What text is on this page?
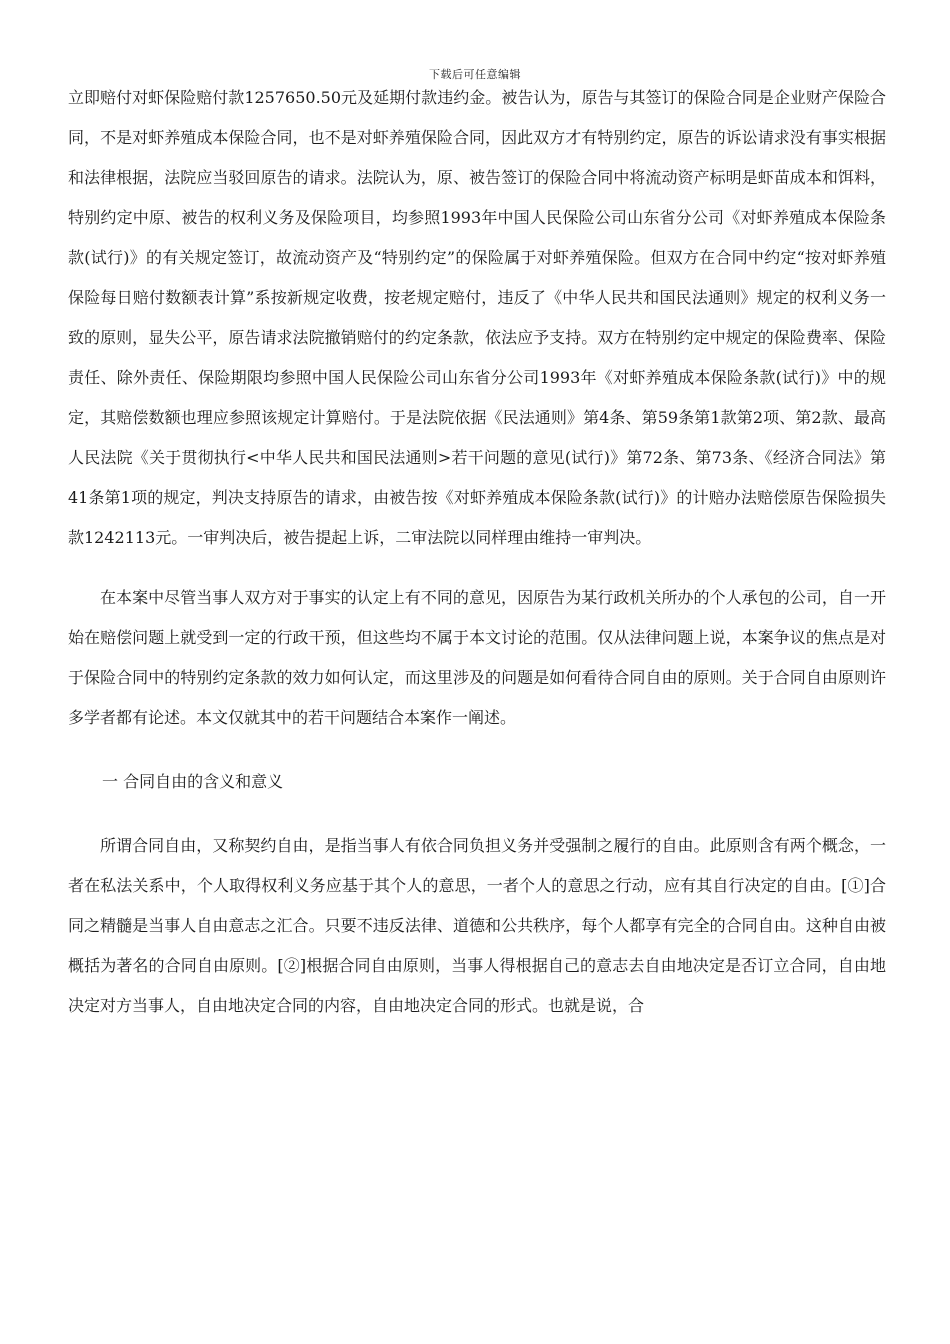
下载后可任意编辑

立即赔付对虾保险赔付款1257650.50元及延期付款违约金。被告认为，原告与其签订的保险合同是企业财产保险合同，不是对虾养殖成本保险合同，也不是对虾养殖保险合同，因此双方才有特别约定，原告的诉讼请求没有事实根据和法律根据，法院应当驳回原告的请求。法院认为，原、被告签订的保险合同中将流动资产标明是虾苗成本和饵料，特别约定中原、被告的权利义务及保险项目，均参照1993年中国人民保险公司山东省分公司《对虾养殖成本保险条款(试行)》的有关规定签订，故流动资产及“特别约定”的保险属于对虾养殖保险。但双方在合同中约定“按对虾养殖保险每日赔付数额表计算”系按新规定收费，按老规定赔付，违反了《中华人民共和国民法通则》规定的权利义务一致的原则，显失公平，原告请求法院撤销赔付的约定条款，依法应予支持。双方在特别约定中规定的保险费率、保险责任、除外责任、保险期限均参照中国人民保险公司山东省分公司1993年《对虾养殖成本保险条款(试行)》中的规定，其赔偿数额也理应参照该规定计算赔付。于是法院依据《民法通则》第4条、第59条第1款第2项、第2款、最高人民法院《关于贯彻执行<中华人民共和国民法通则>若干问题的意见(试行)》第72条、第73条、《经济合同法》第41条第1项的规定，判决支持原告的请求，由被告按《对虾养殖成本保险条款(试行)》的计赔办法赔偿原告保险损失款1242113元。一审判决后，被告提起上诉，二审法院以同样理由维持一审判决。

在本案中尽管当事人双方对于事实的认定上有不同的意见，因原告为某行政机关所办的个人承包的公司，自一开始在赔偿问题上就受到一定的行政干预，但这些均不属于本文讨论的范围。仅从法律问题上说，本案争议的焦点是对于保险合同中的特别约定条款的效力如何认定，而这里涉及的问题是如何看待合同自由的原则。关于合同自由原则许多学者都有论述。本文仅就其中的若干问题结合本案作一阐述。

一 合同自由的含义和意义

所谓合同自由，又称契约自由，是指当事人有依合同负担义务并受强制之履行的自由。此原则含有两个概念，一者在私法关系中，个人取得权利义务应基于其个人的意思，一者个人的意思之行动，应有其自行决定的自由。[①]合同之精髓是当事人自由意志之汇合。只要不违反法律、道德和公共秩序，每个人都享有完全的合同自由。这种自由被概括为著名的合同自由原则。[②]根据合同自由原则，当事人得根据自己的意志去自由地决定是否订立合同，自由地决定对方当事人，自由地决定合同的内容，自由地决定合同的形式。也就是说，合
